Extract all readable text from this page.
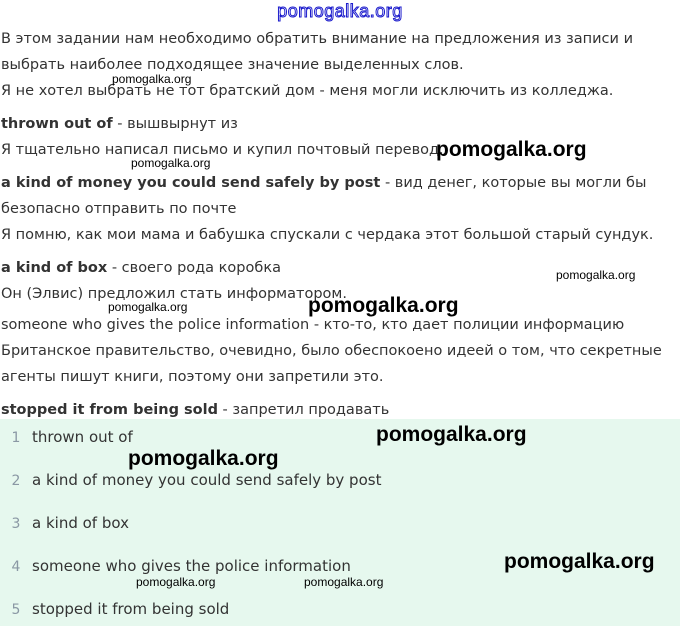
pomogalka.org
В этом задании нам необходимо обратить внимание на предложения из записи и
выбрать наиболее подходящее значение выделенных слов.
Я не хотел выбрать не тот братский дом - меня могли исключить из колледжа.
thrown out of - вышвырнут из
Я тщательно написал письмо и купил почтовый перевод.
a kind of money you could send safely by post - вид денег, которые вы могли бы
безопасно отправить по почте
Я помню, как мои мама и бабушка спускали с чердака этот большой старый сундук.
a kind of box - своего рода коробка
Он (Элвис) предложил стать информатором.
someone who gives the police information - кто-то, кто дает полиции информацию
Британское правительство, очевидно, было обеспокоено идеей о том, что секретные
агенты пишут книги, поэтому они запретили это.
stopped it from being sold - запретил продавать
1 thrown out of
2 a kind of money you could send safely by post
3 a kind of box
4 someone who gives the police information
5 stopped it from being sold
pomogalka.org
pomogalka.org
pomogalka.org
pomogalka.org
pomogalka.org	pomogalka.org
pomogalka.org
pomogalka.org
pomogalka.org
pomogalka.org	pomogalka.org
